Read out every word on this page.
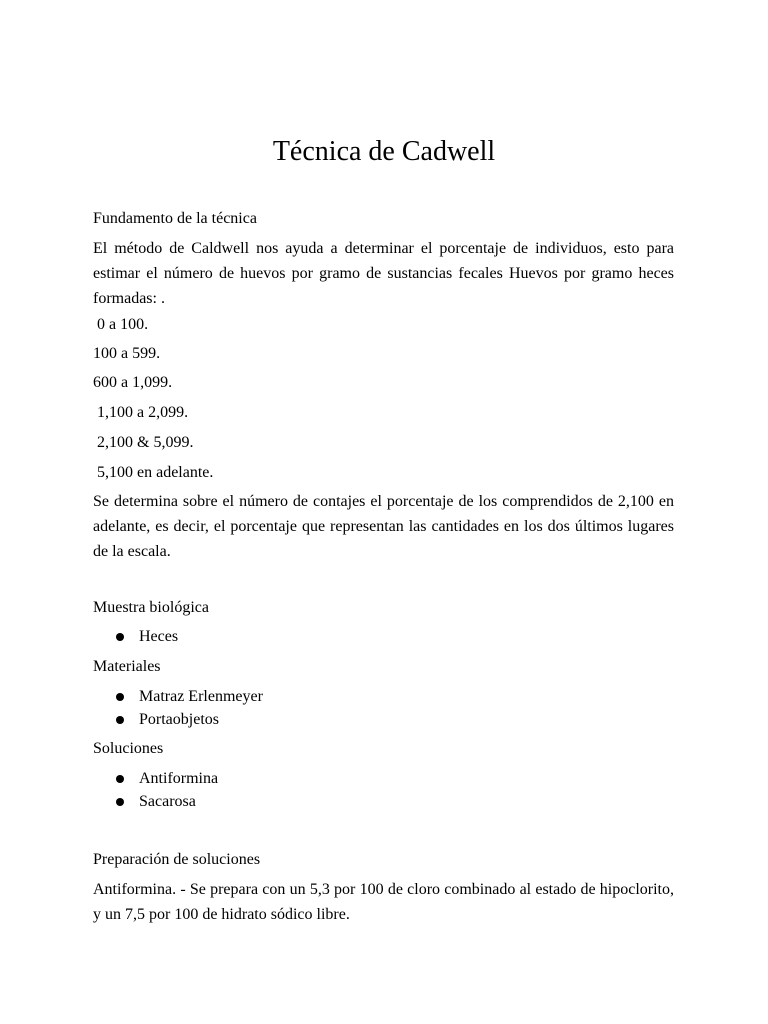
Técnica de Cadwell
Fundamento de la técnica
El método de Caldwell nos ayuda a determinar el porcentaje de individuos, esto para estimar el número de huevos por gramo de sustancias fecales Huevos por gramo heces formadas: .
0 a 100.
100 a 599.
600 a 1,099.
1,100 a 2,099.
2,100 & 5,099.
5,100 en adelante.
Se determina sobre el número de contajes el porcentaje de los comprendidos de 2,100 en adelante, es decir, el porcentaje que representan las cantidades en los dos últimos lugares de la escala.
Muestra biológica
Heces
Materiales
Matraz Erlenmeyer
Portaobjetos
Soluciones
Antiformina
Sacarosa
Preparación de soluciones
Antiformina. - Se prepara con un 5,3 por 100 de cloro combinado al estado de hipoclorito, y un 7,5 por 100 de hidrato sódico libre.
